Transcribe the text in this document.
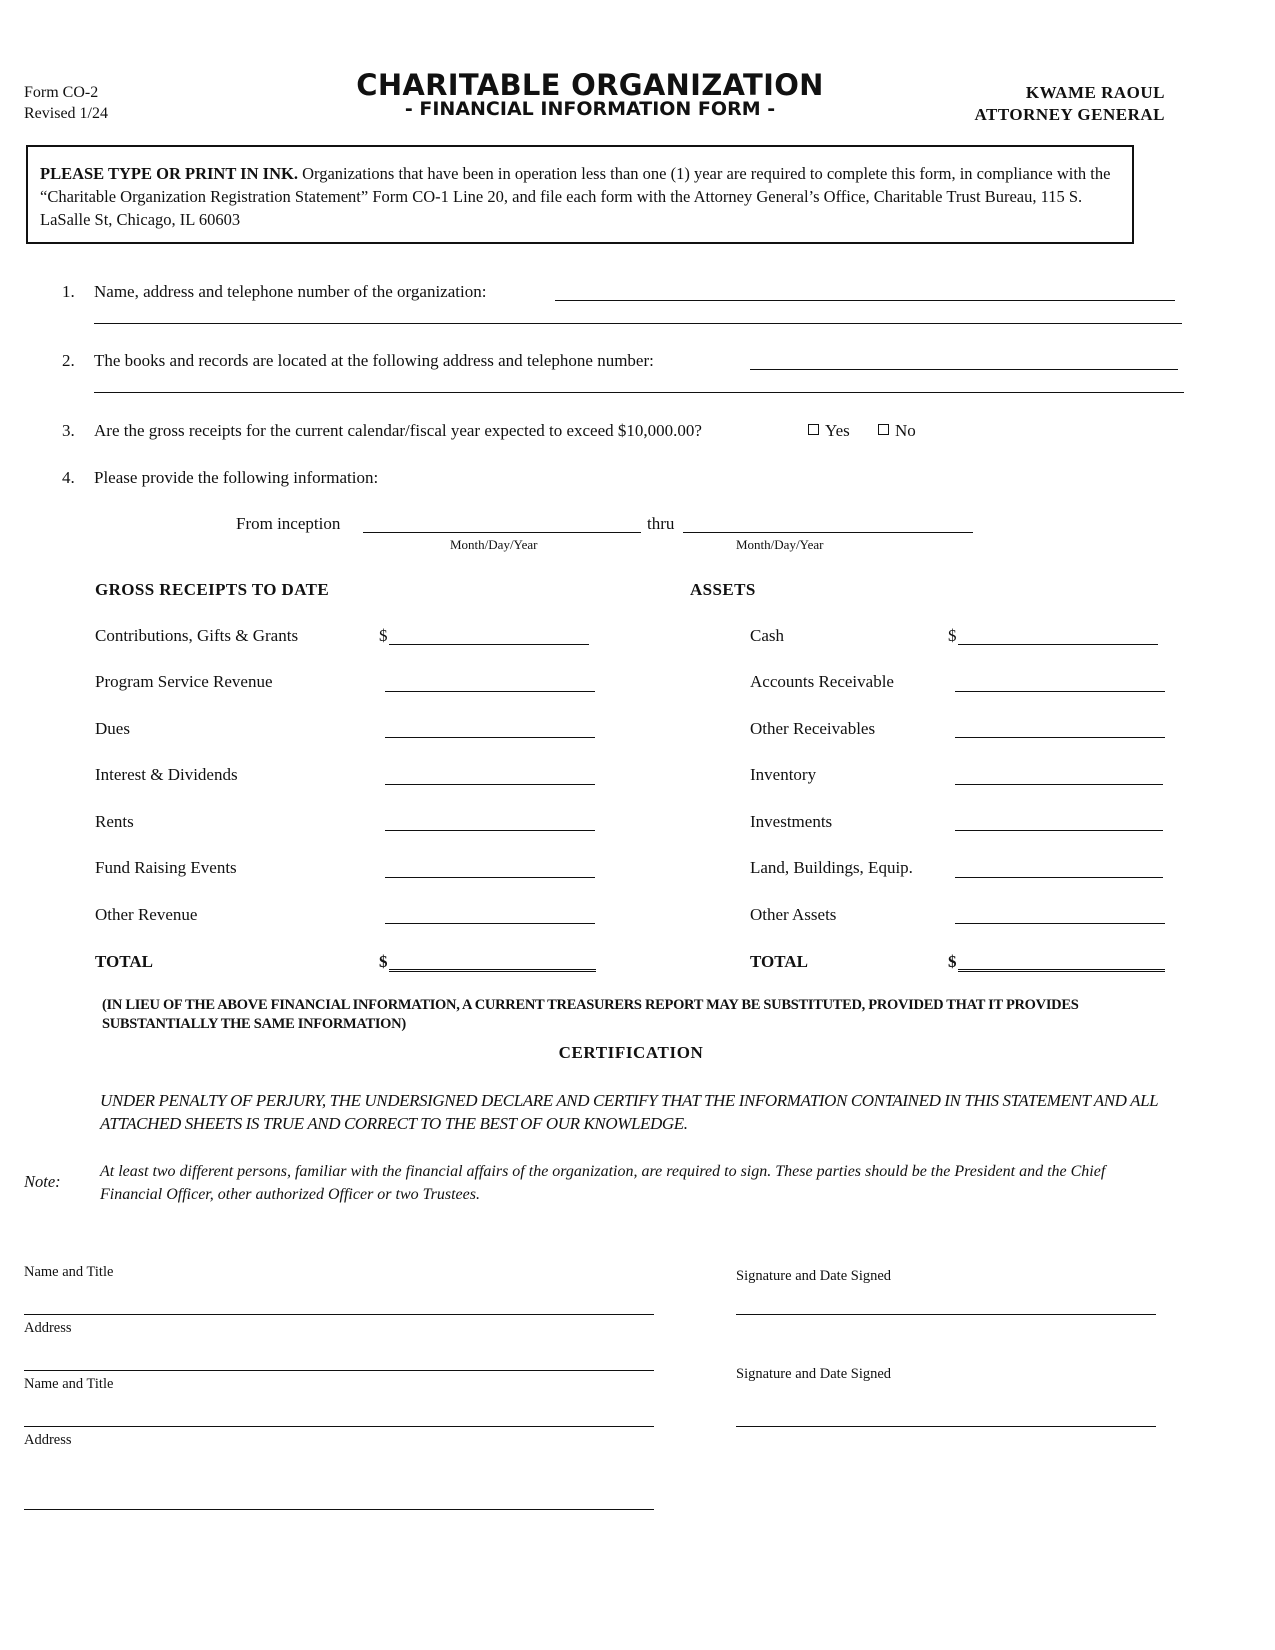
Form CO-2
Revised 1/24
CHARITABLE ORGANIZATION
- FINANCIAL INFORMATION FORM -
KWAME RAOUL
ATTORNEY GENERAL
PLEASE TYPE OR PRINT IN INK. Organizations that have been in operation less than one (1) year are required to complete this form, in compliance with the “Charitable Organization Registration Statement” Form CO-1 Line 20, and file each form with the Attorney General’s Office, Charitable Trust Bureau, 115 S. LaSalle St, Chicago, IL 60603
1. Name, address and telephone number of the organization:
2. The books and records are located at the following address and telephone number:
3. Are the gross receipts for the current calendar/fiscal year expected to exceed $10,000.00?	Yes	No
4. Please provide the following information:
From inception	thru
Month/Day/Year	Month/Day/Year
GROSS RECEIPTS TO DATE	ASSETS
Contributions, Gifts & Grants	$
Program Service Revenue
Dues
Interest & Dividends
Rents
Fund Raising Events
Other Revenue
TOTAL	$
Cash	$
Accounts Receivable
Other Receivables
Inventory
Investments
Land, Buildings, Equip.
Other Assets
TOTAL	$
(IN LIEU OF THE ABOVE FINANCIAL INFORMATION, A CURRENT TREASURERS REPORT MAY BE SUBSTITUTED, PROVIDED THAT IT PROVIDES SUBSTANTIALLY THE SAME INFORMATION)
CERTIFICATION
UNDER PENALTY OF PERJURY, THE UNDERSIGNED DECLARE AND CERTIFY THAT THE INFORMATION CONTAINED IN THIS STATEMENT AND ALL ATTACHED SHEETS IS TRUE AND CORRECT TO THE BEST OF OUR KNOWLEDGE.
Note:
At least two different persons, familiar with the financial affairs of the organization, are required to sign. These parties should be the President and the Chief Financial Officer, other authorized Officer or two Trustees.
Name and Title
Address
Name and Title
Address
Signature and Date Signed
Signature and Date Signed
